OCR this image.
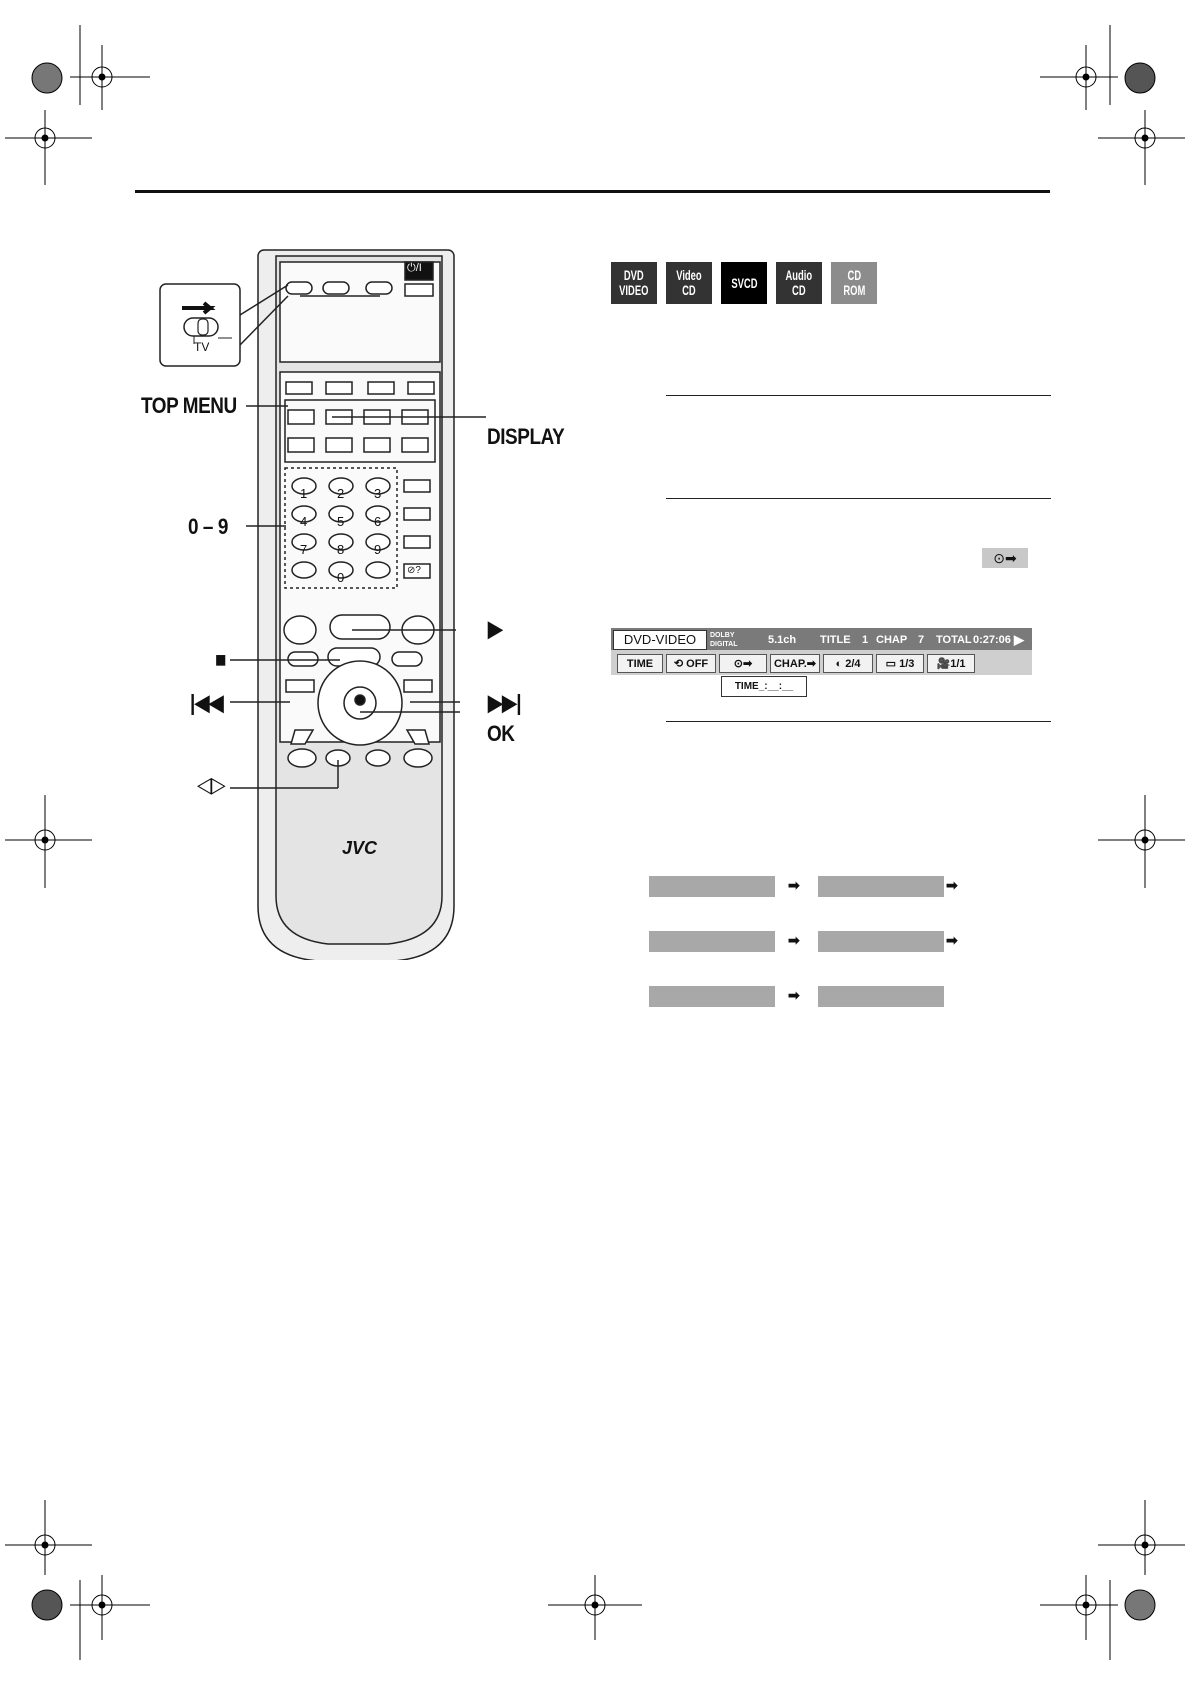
TV
⏻/I
1 2 3
4 5 6
7 8 9
0	⊘?
JVC
TOP MENU
DISPLAY
0 – 9
▶
■
|◀◀	▶▶|
OK
◁▷
DVD
VIDEO
Video
CD	SVCD Audio
CD
CD
ROM
⊙➡
DVD-VIDEO	DOLBY DIGITAL	5.1ch TITLE 1 CHAP 7 TOTAL 0:27:06 ▶
TIME	⟲ OFF	⊙➡	CHAP.➡	◐ 2/4	▭ 1/3	🎥1/1
TIME_:__:__
➡	➡
➡	➡
➡
